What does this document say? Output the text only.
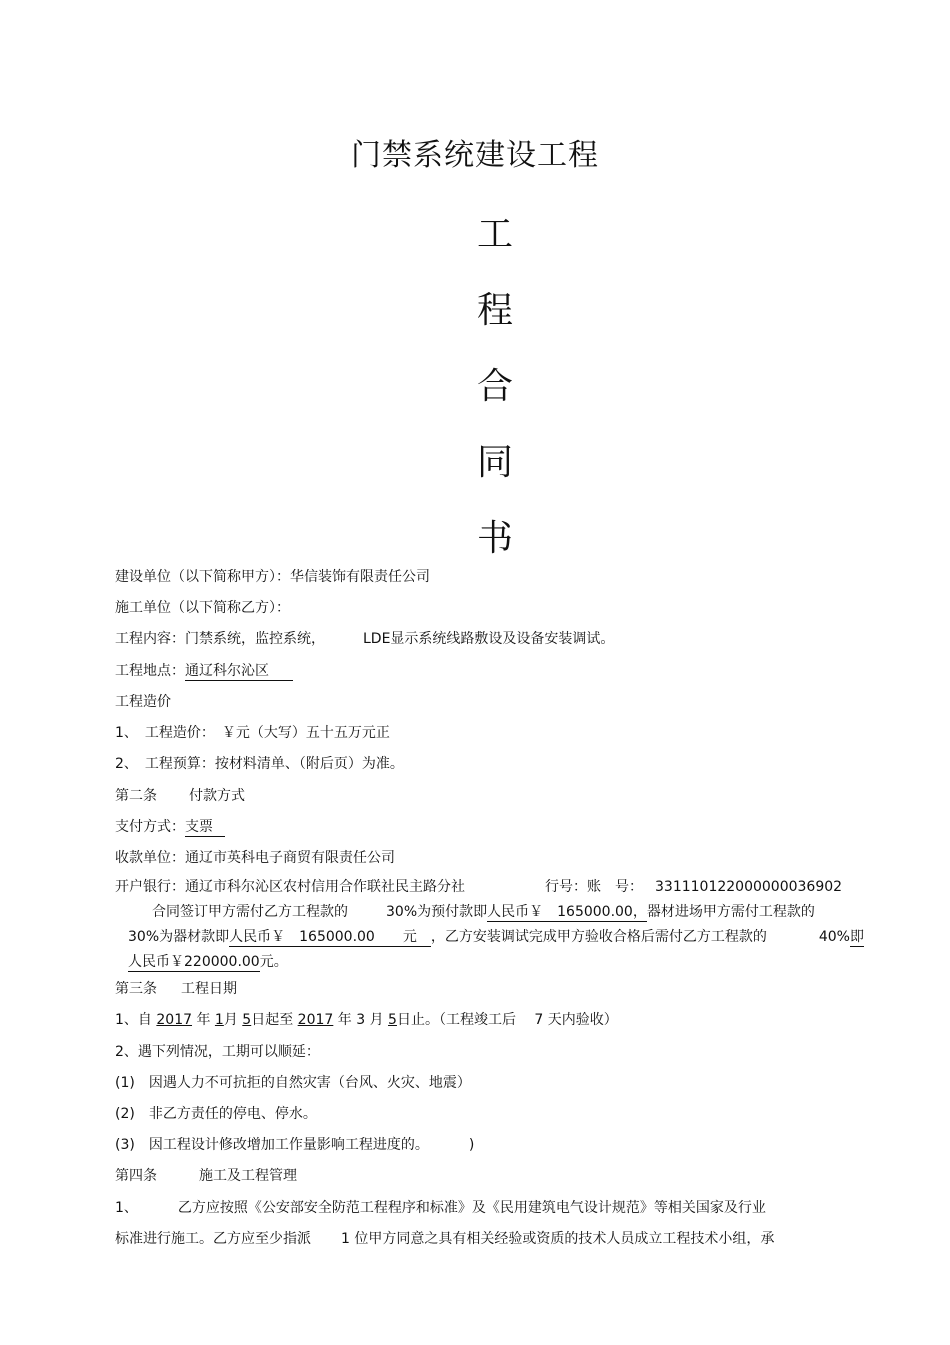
门禁系统建设工程
工
程
合
同
书
建设单位（以下简称甲方）：华信装饰有限责任公司
施工单位（以下简称乙方）：
工程内容：门禁系统，监控系统，	LDE显示系统线路敷设及设备安装调试。
工程地点：通辽科尔沁区
工程造价
1、　工程造价：　￥元（大写）五十五万元正
2、　工程预算：按材料清单、（附后页）为准。
第二条 付款方式
支付方式：支票
收款单位：通辽市英科电子商贸有限责任公司
开户银行：通辽市科尔沁区农村信用合作联社民主路分社	行号：账　号： 331110122000000036902
合同签订甲方需付乙方工程款的	30%为预付款即人民币￥　165000.00，器材进场甲方需付工程款的
30%为器材款即人民币￥　165000.00　　元　，乙方安装调试完成甲方验收合格后需付乙方工程款的	40%即
人民币￥220000.00元。
第三条 工程日期
1、自 2017 年 1月 5日起至 2017 年 3 月 5日止。（工程竣工后　 7 天内验收）
2、遇下列情况，工期可以顺延：
(1)　因遇人力不可抗拒的自然灾害（台风、火灾、地震）
(2)　非乙方责任的停电、停水。
(3)　因工程设计修改增加工作量影响工程进度的。	)
第四条	施工及工程管理
1、	乙方应按照《公安部安全防范工程程序和标准》及《民用建筑电气设计规范》等相关国家及行业
标准进行施工。乙方应至少指派 1 位甲方同意之具有相关经验或资质的技术人员成立工程技术小组，承
